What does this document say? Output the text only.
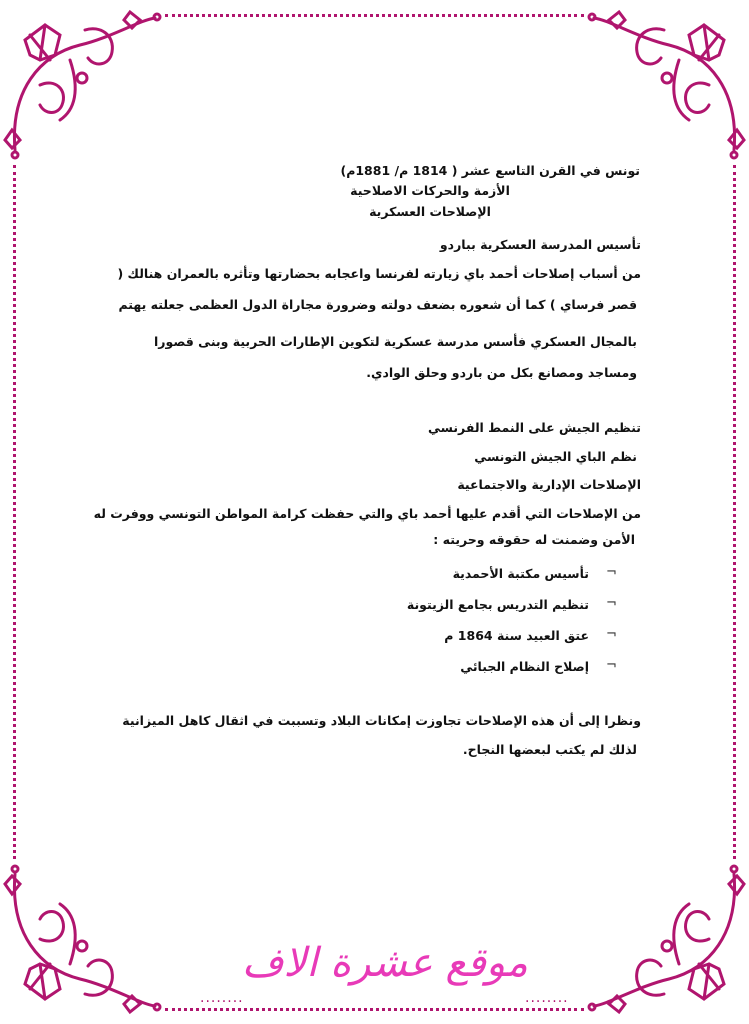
تونس في القرن التاسع عشر ( 1814 م/ 1881م)
الأزمة والحركات الاصلاحية
الإصلاحات العسكرية
تأسيس المدرسة العسكرية بباردو
من أسباب إصلاحات أحمد باي زيارته لفرنسا واعجابه بحضارتها وتأثره بالعمران هنالك (
قصر فرساي ) كما أن شعوره بضعف دولته وضرورة مجاراة الدول العظمى جعلته يهتم
بالمجال العسكري فأسس مدرسة عسكرية لتكوين الإطارات الحربية وبنى قصورا
ومساجد ومصانع بكل من باردو وحلق الوادي.
تنظيم الجيش على النمط الفرنسي
نظم الباي الجيش التونسي
الإصلاحات الإدارية والاجتماعية
من الإصلاحات التي أقدم عليها أحمد باي والتي حفظت كرامة المواطن التونسي ووفرت له
الأمن وضمنت له حقوقه وحريته :
¬
تأسيس مكتبة الأحمدية
¬
تنظيم التدريس بجامع الزيتونة
¬
عتق العبيد سنة 1864 م
¬
إصلاح النظام الجبائي
ونظرا إلى أن هذه الإصلاحات تجاوزت إمكانات البلاد وتسببت في اثقال كاهل الميزانية
لذلك لم يكتب لبعضها النجاح.
........
موقع عشرة الاف
........
